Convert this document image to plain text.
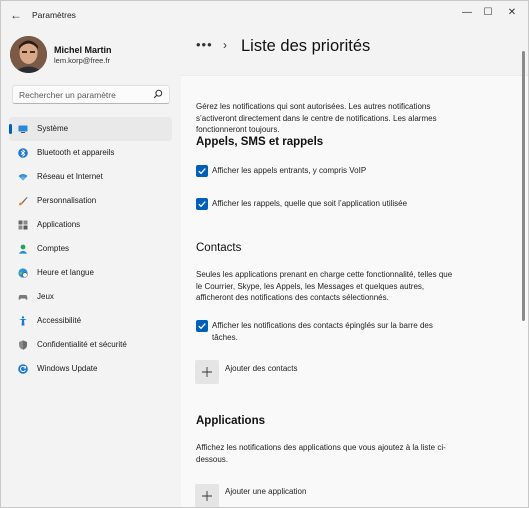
←	Paramètres	—	☐	✕
Michel Martin
lem.korp@free.fr
Rechercher un paramètre
Système
Bluetooth et appareils
Réseau et Internet
Personnalisation
Applications
Comptes
Heure et langue
Jeux
Accessibilité
Confidentialité et sécurité
Windows Update
••• › Liste des priorités
Gérez les notifications qui sont autorisées. Les autres notifications
s’activeront directement dans le centre de notifications. Les alarmes
fonctionneront toujours.
Appels, SMS et rappels
Afficher les appels entrants, y compris VoIP
Afficher les rappels, quelle que soit l’application utilisée
Contacts
Seules les applications prenant en charge cette fonctionnalité, telles que
le Courrier, Skype, les Appels, les Messages et quelques autres,
afficheront des notifications des contacts sélectionnés.
Afficher les notifications des contacts épinglés sur la barre des
tâches.
Ajouter des contacts
Applications
Affichez les notifications des applications que vous ajoutez à la liste ci-
dessous.
Ajouter une application
